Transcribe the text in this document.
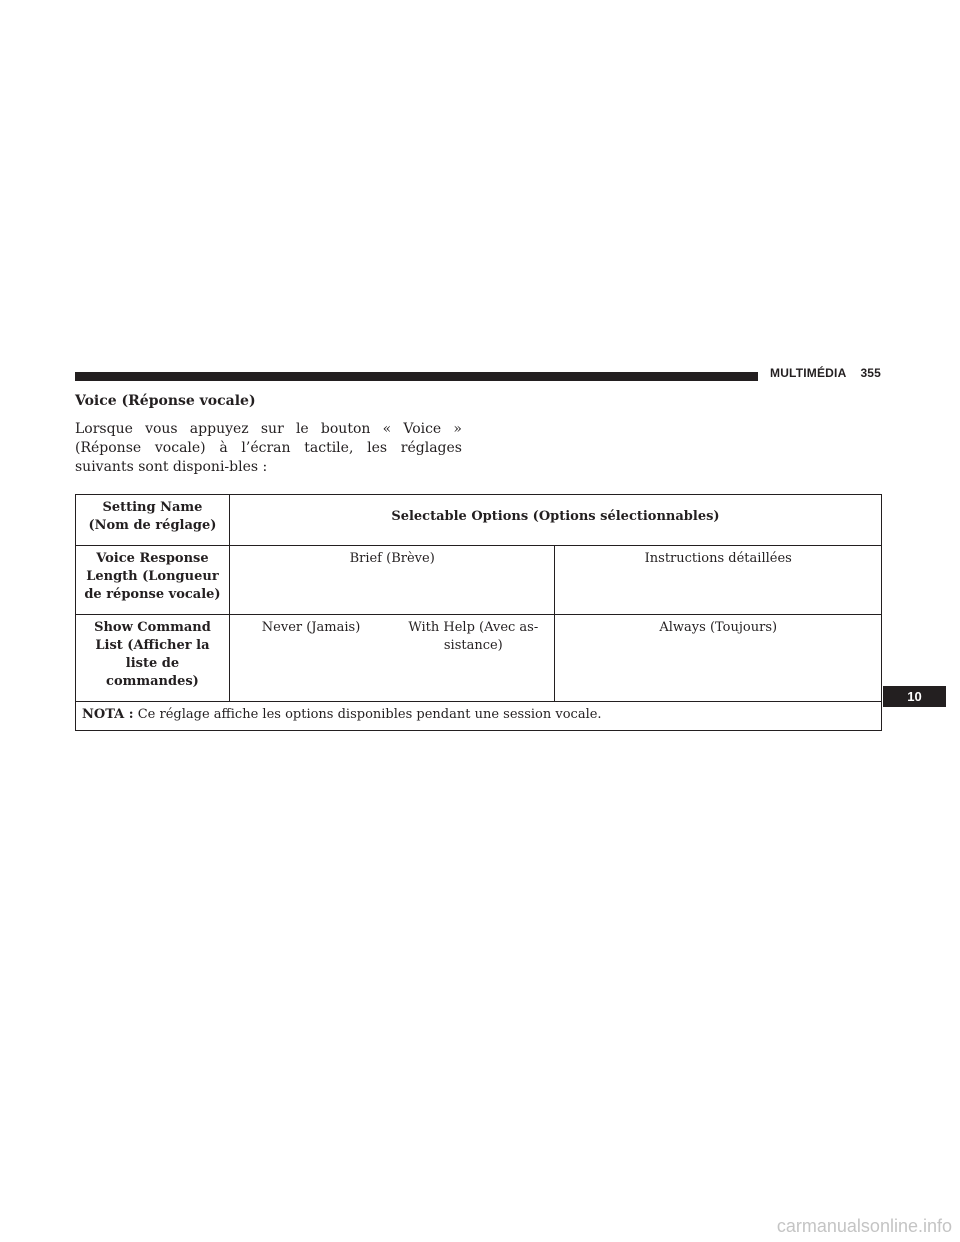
MULTIMÉDIA 355
Voice (Réponse vocale)

Lorsque vous appuyez sur le bouton « Voice » (Réponse vocale) à l’écran tactile, les réglages suivants sont disponi-bles :

Setting Name (Nom de réglage)	Selectable Options (Options sélectionnables)		
Voice Response Length (Longueur de réponse vocale)	Brief (Brève)		Instructions détaillées
Show Command List (Afficher la liste de commandes)	Never (Jamais)	With Help (Avec as-sistance)	Always (Toujours)
NOTA : Ce réglage affiche les options disponibles pendant une session vocale.			
10
carmanualsonline.info
